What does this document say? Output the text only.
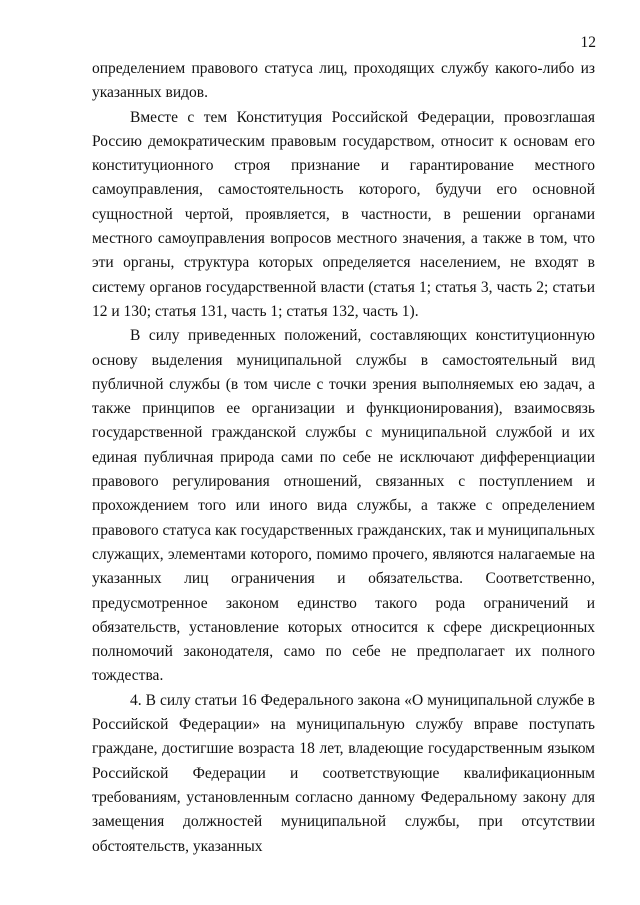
12

определением правового статуса лиц, проходящих службу какого-либо из указанных видов.

Вместе с тем Конституция Российской Федерации, провозглашая Россию демократическим правовым государством, относит к основам его конституционного строя признание и гарантирование местного самоуправления, самостоятельность которого, будучи его основной сущностной чертой, проявляется, в частности, в решении органами местного самоуправления вопросов местного значения, а также в том, что эти органы, структура которых определяется населением, не входят в систему органов государственной власти (статья 1; статья 3, часть 2; статьи 12 и 130; статья 131, часть 1; статья 132, часть 1).

В силу приведенных положений, составляющих конституционную основу выделения муниципальной службы в самостоятельный вид публичной службы (в том числе с точки зрения выполняемых ею задач, а также принципов ее организации и функционирования), взаимосвязь государственной гражданской службы с муниципальной службой и их единая публичная природа сами по себе не исключают дифференциации правового регулирования отношений, связанных с поступлением и прохождением того или иного вида службы, а также с определением правового статуса как государственных гражданских, так и муниципальных служащих, элементами которого, помимо прочего, являются налагаемые на указанных лиц ограничения и обязательства. Соответственно, предусмотренное законом единство такого рода ограничений и обязательств, установление которых относится к сфере дискреционных полномочий законодателя, само по себе не предполагает их полного тождества.

4. В силу статьи 16 Федерального закона «О муниципальной службе в Российской Федерации» на муниципальную службу вправе поступать граждане, достигшие возраста 18 лет, владеющие государственным языком Российской Федерации и соответствующие квалификационным требованиям, установленным согласно данному Федеральному закону для замещения должностей муниципальной службы, при отсутствии обстоятельств, указанных
